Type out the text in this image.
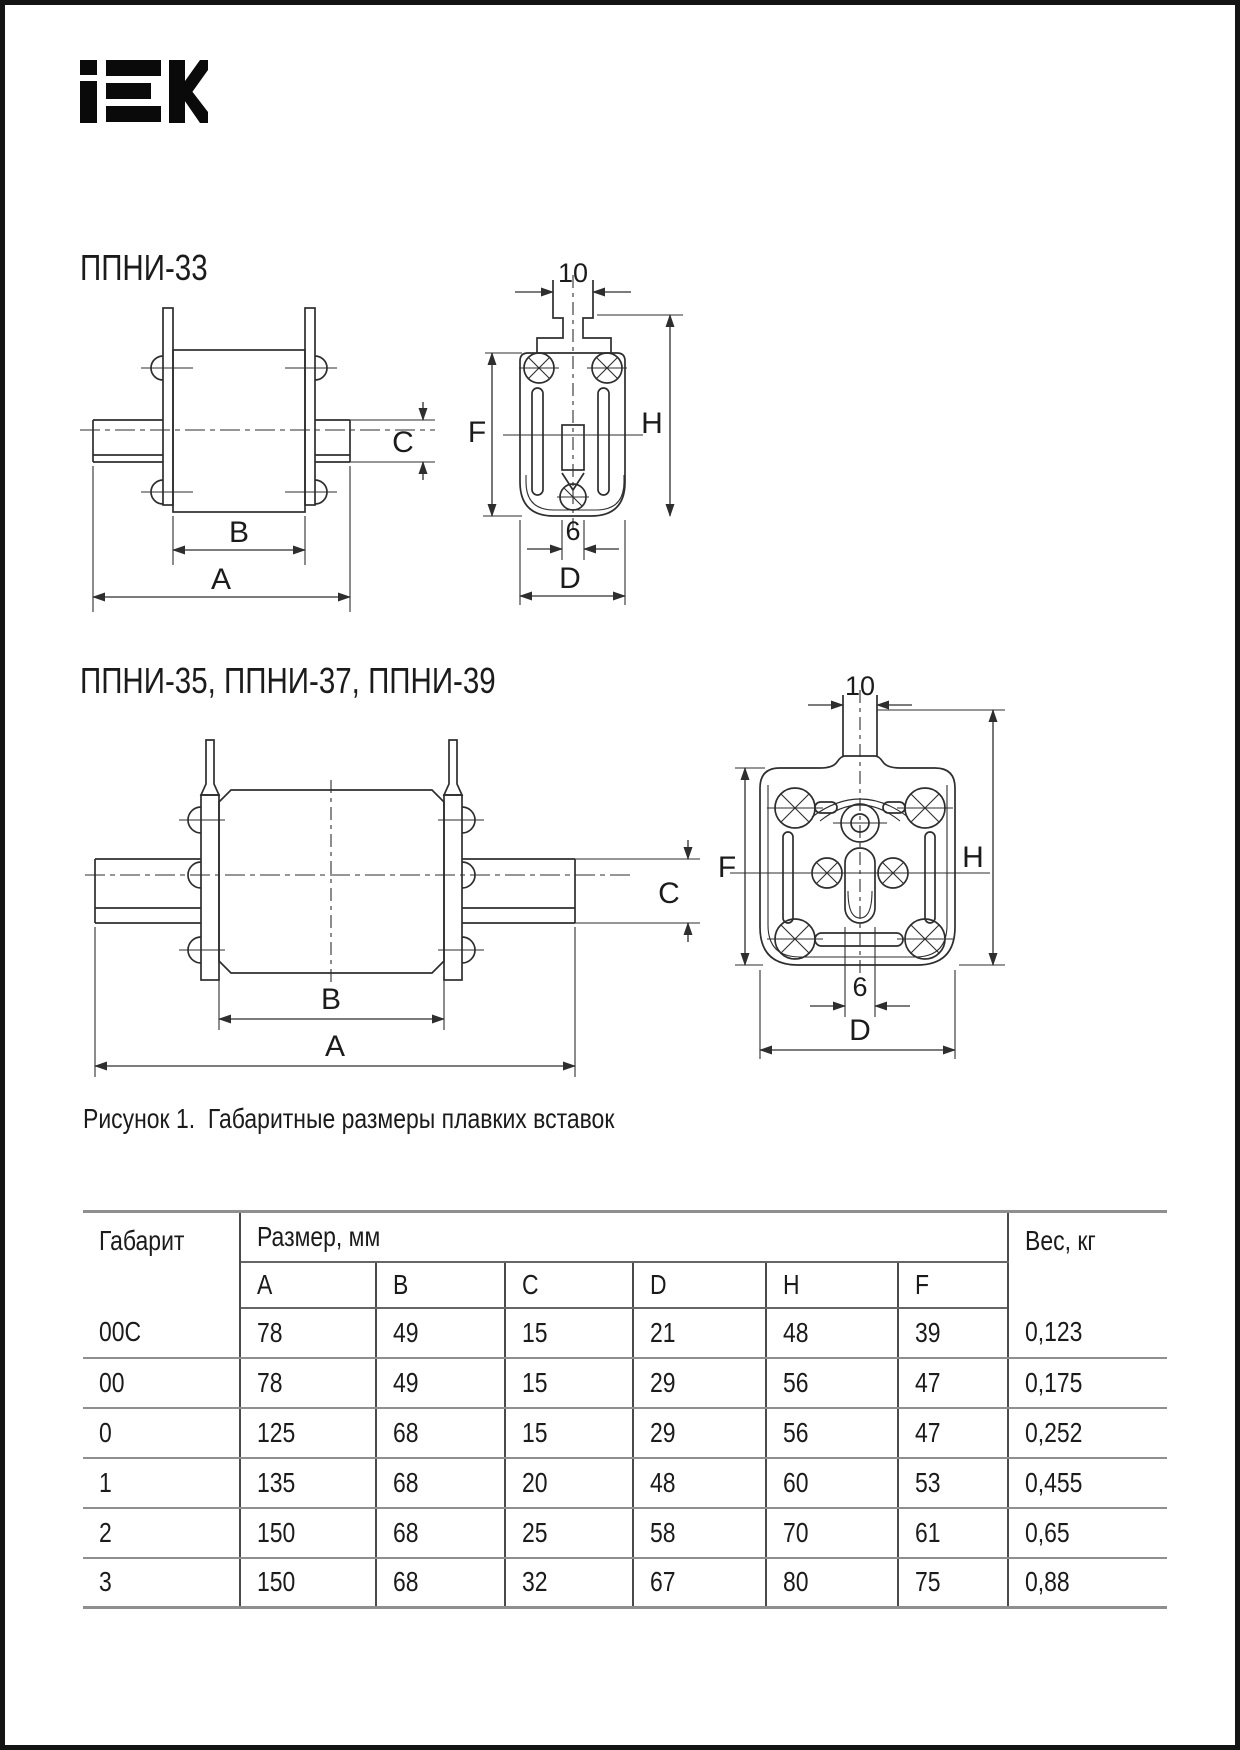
ППНИ-33
C
B
A
10
F	H
6
D
ППНИ-35, ППНИ-37, ППНИ-39
C
B
A
10
H
F
6
D
Рисунок 1.  Габаритные размеры плавких вставок
Габарит	Размер, мм						Вес, кг
	A	B	C	D	H	F	
00C	78	49	15	21	48	39	0,123
00	78	49	15	29	56	47	0,175
0	125	68	15	29	56	47	0,252
1	135	68	20	48	60	53	0,455
2	150	68	25	58	70	61	0,65
3	150	68	32	67	80	75	0,88
